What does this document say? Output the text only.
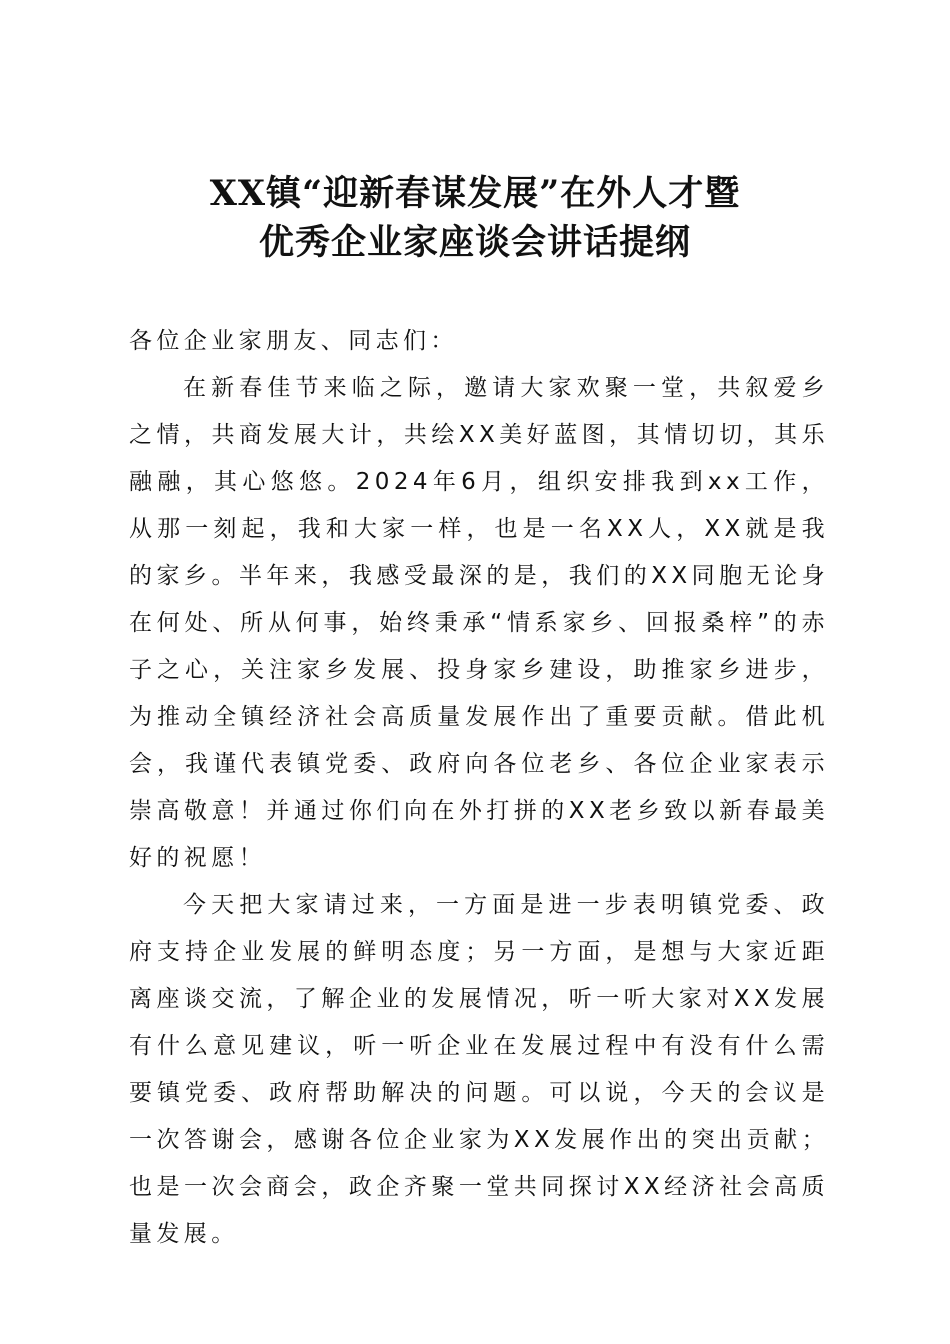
XX镇“迎新春谋发展”在外人才暨
优秀企业家座谈会讲话提纲

各位企业家朋友、同志们：

在新春佳节来临之际，邀请大家欢聚一堂，共叙爱乡之情，共商发展大计，共绘XX美好蓝图，其情切切，其乐融融，其心悠悠。2024年6月，组织安排我到xx工作，从那一刻起，我和大家一样，也是一名XX人，XX就是我的家乡。半年来，我感受最深的是，我们的XX同胞无论身在何处、所从何事，始终秉承“情系家乡、回报桑梓”的赤子之心，关注家乡发展、投身家乡建设，助推家乡进步，为推动全镇经济社会高质量发展作出了重要贡献。借此机会，我谨代表镇党委、政府向各位老乡、各位企业家表示崇高敬意！并通过你们向在外打拼的XX老乡致以新春最美好的祝愿！

今天把大家请过来，一方面是进一步表明镇党委、政府支持企业发展的鲜明态度；另一方面，是想与大家近距离座谈交流，了解企业的发展情况，听一听大家对XX发展有什么意见建议，听一听企业在发展过程中有没有什么需要镇党委、政府帮助解决的问题。可以说，今天的会议是一次答谢会，感谢各位企业家为XX发展作出的突出贡献；也是一次会商会，政企齐聚一堂共同探讨XX经济社会高质量发展。
